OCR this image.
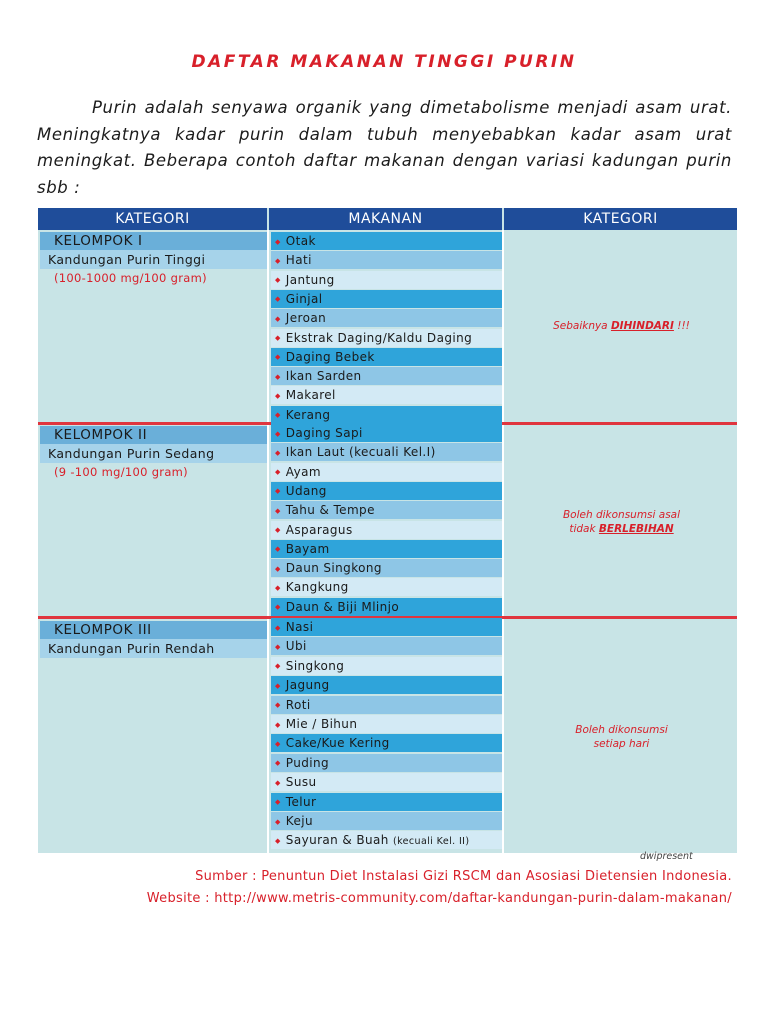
DAFTAR MAKANAN TINGGI PURIN
Purin adalah senyawa organik yang dimetabolisme menjadi asam urat. Meningkatnya kadar purin dalam tubuh menyebabkan kadar asam urat meningkat. Beberapa contoh daftar makanan dengan variasi kadungan purin sbb :
KATEGORI	MAKANAN	KATEGORI
KELOMPOK I
Kandungan Purin Tinggi
(100-1000 mg/100 gram)
◆ Otak
◆ Hati
◆ Jantung
◆ Ginjal
◆ Jeroan
◆ Ekstrak Daging/Kaldu Daging
◆ Daging Bebek
◆ Ikan Sarden
◆ Makarel
◆ Kerang
Sebaiknya DIHINDARI !!!
KELOMPOK II
Kandungan Purin Sedang
(9 -100 mg/100 gram)
◆ Daging Sapi
◆ Ikan Laut (kecuali Kel.I)
◆ Ayam
◆ Udang
◆ Tahu & Tempe
◆ Asparagus
◆ Bayam
◆ Daun Singkong
◆ Kangkung
◆ Daun & Biji Mlinjo
Boleh dikonsumsi asal
tidak BERLEBIHAN
KELOMPOK III
Kandungan Purin Rendah
◆ Nasi
◆ Ubi
◆ Singkong
◆ Jagung
◆ Roti
◆ Mie / Bihun
◆ Cake/Kue Kering
◆ Puding
◆ Susu
◆ Telur
◆ Keju
◆ Sayuran & Buah (kecuali Kel. II)
Boleh dikonsumsi
setiap hari
dwipresent
Sumber : Penuntun Diet Instalasi Gizi RSCM dan Asosiasi Dietensien Indonesia.
Website : http://www.metris-community.com/daftar-kandungan-purin-dalam-makanan/
